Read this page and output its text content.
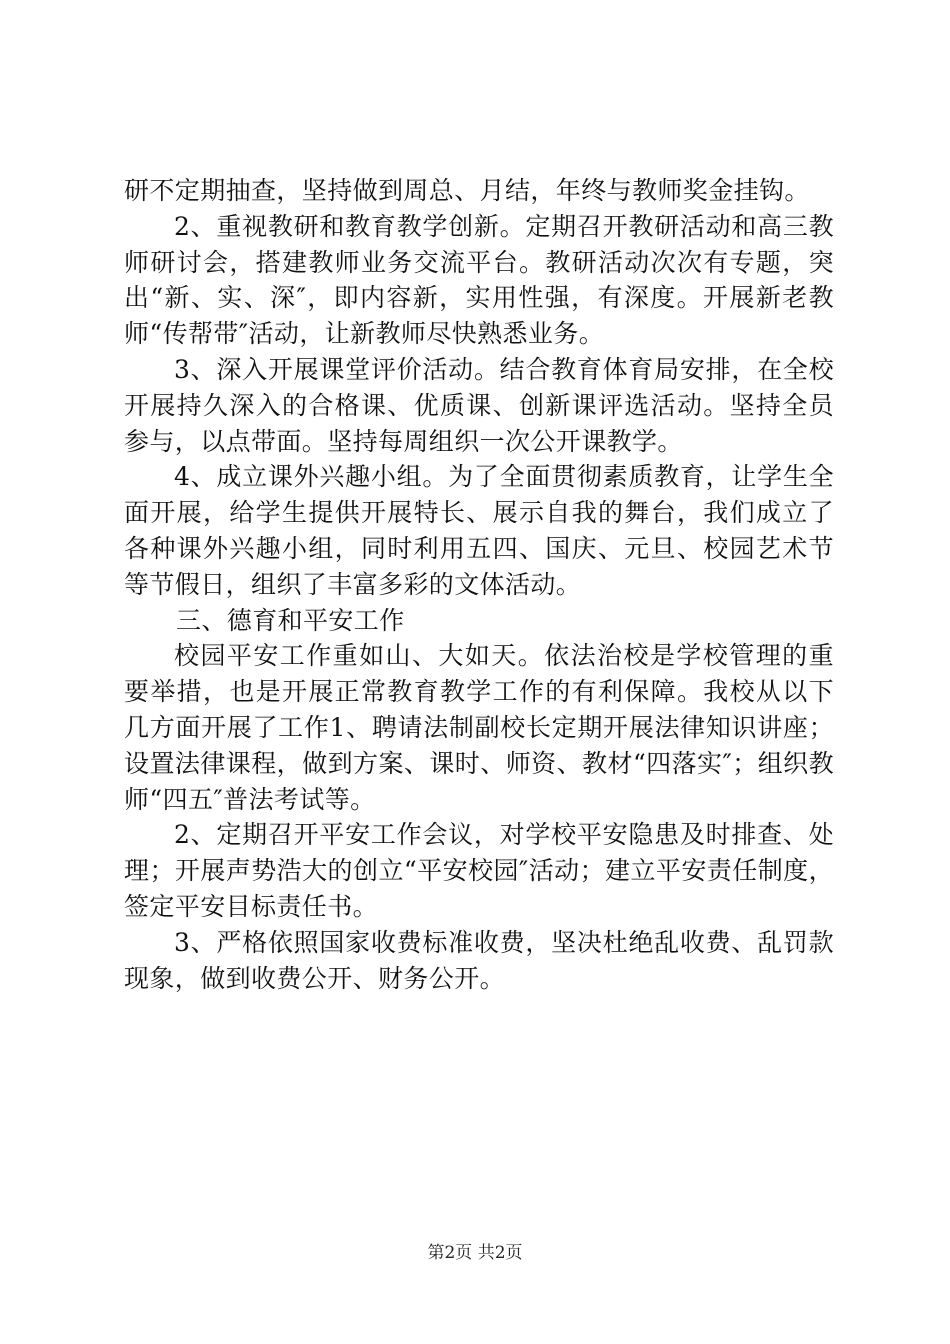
研不定期抽查，坚持做到周总、月结，年终与教师奖金挂钩。

2、重视教研和教育教学创新。定期召开教研活动和高三教师研讨会，搭建教师业务交流平台。教研活动次次有专题，突出“新、实、深″，即内容新，实用性强，有深度。开展新老教师“传帮带″活动，让新教师尽快熟悉业务。

3、深入开展课堂评价活动。结合教育体育局安排，在全校开展持久深入的合格课、优质课、创新课评选活动。坚持全员参与，以点带面。坚持每周组织一次公开课教学。

4、成立课外兴趣小组。为了全面贯彻素质教育，让学生全面开展，给学生提供开展特长、展示自我的舞台，我们成立了各种课外兴趣小组，同时利用五四、国庆、元旦、校园艺术节等节假日，组织了丰富多彩的文体活动。

三、德育和平安工作

校园平安工作重如山、大如天。依法治校是学校管理的重要举措，也是开展正常教育教学工作的有利保障。我校从以下几方面开展了工作1、聘请法制副校长定期开展法律知识讲座；设置法律课程，做到方案、课时、师资、教材“四落实″；组织教师“四五″普法考试等。

2、定期召开平安工作会议，对学校平安隐患及时排查、处理；开展声势浩大的创立“平安校园″活动；建立平安责任制度，签定平安目标责任书。

3、严格依照国家收费标准收费，坚决杜绝乱收费、乱罚款现象，做到收费公开、财务公开。

第2页 共2页
